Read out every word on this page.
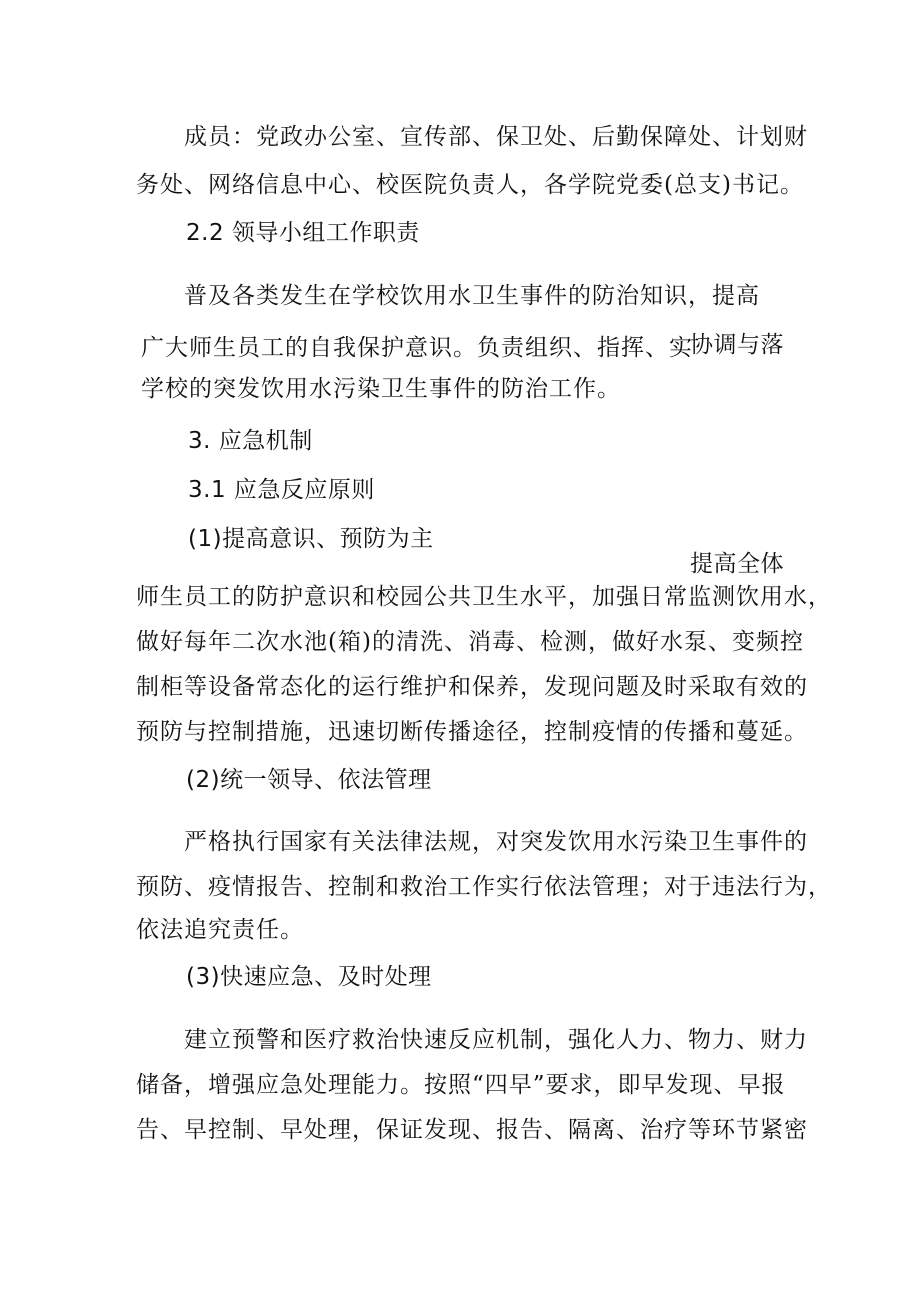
成员：党政办公室、宣传部、保卫处、后勤保障处、计划财
务处、网络信息中心、校医院负责人，各学院党委(总支)书记。
2.2 领导小组工作职责
普及各类发生在学校饮用水卫生事件的防治知识，提高
广大师生员工的自我保护意识。负责组织、指挥、实
协调与落
学校的突发饮用水污染卫生事件的防治工作。
3. 应急机制
3.1 应急反应原则
(1)提高意识、预防为主
提高全体
师生员工的防护意识和校园公共卫生水平，加强日常监测饮用水，
做好每年二次水池(箱)的清洗、消毒、检测，做好水泵、变频控
制柜等设备常态化的运行维护和保养，发现问题及时采取有效的
预防与控制措施，迅速切断传播途径，控制疫情的传播和蔓延。
(2)统一领导、依法管理
严格执行国家有关法律法规，对突发饮用水污染卫生事件的
预防、疫情报告、控制和救治工作实行依法管理；对于违法行为，
依法追究责任。
(3)快速应急、及时处理
建立预警和医疗救治快速反应机制，强化人力、物力、财力
储备，增强应急处理能力。按照“四早”要求，即早发现、早报
告、早控制、早处理，保证发现、报告、隔离、治疗等环节紧密
